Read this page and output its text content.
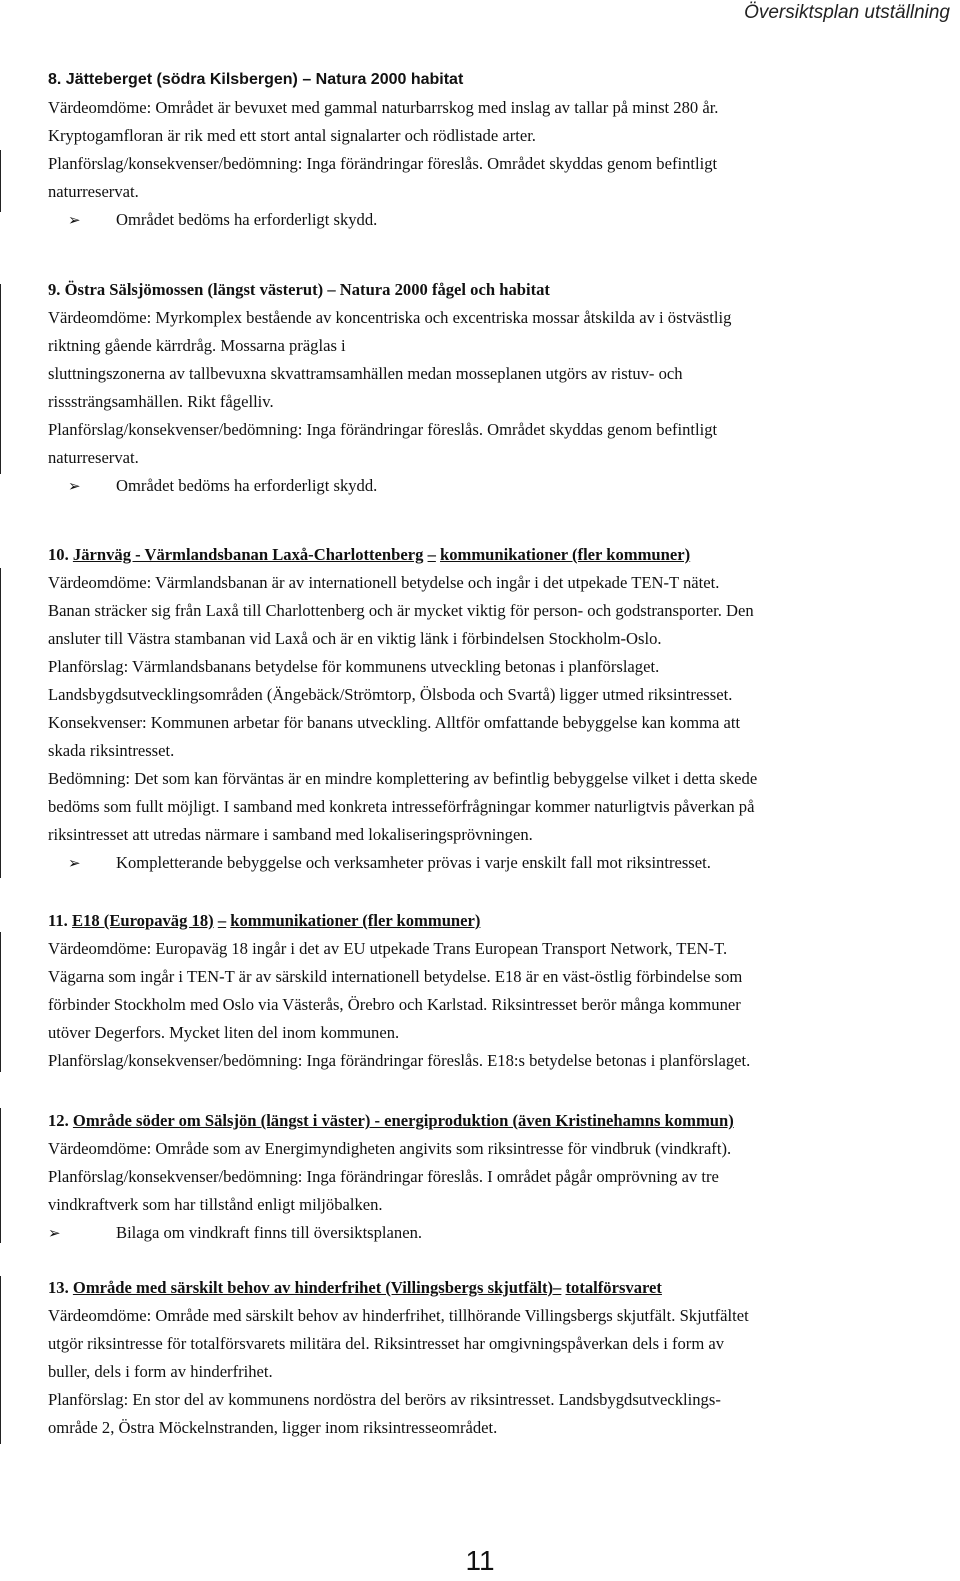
Översiktsplan utställning
8. Jätteberget (södra Kilsbergen) – Natura 2000 habitat
Värdeomdöme: Området är bevuxet med gammal naturbarrskog med inslag av tallar på minst 280 år.
Kryptogamfloran är rik med ett stort antal signalarter och rödlistade arter.
Planförslag/konsekvenser/bedömning: Inga förändringar föreslås. Området skyddas genom befintligt
naturreservat.
➢ Området bedöms ha erforderligt skydd.
9. Östra Sälsjömossen (längst västerut) – Natura 2000 fågel och habitat
Värdeomdöme: Myrkomplex bestående av koncentriska och excentriska mossar åtskilda av i östvästlig
riktning gående kärrdråg. Mossarna präglas i
sluttningszonerna av tallbevuxna skvattramsamhällen medan mosseplanen utgörs av ristuv- och
risssträngsamhällen. Rikt fågelliv.
Planförslag/konsekvenser/bedömning: Inga förändringar föreslås. Området skyddas genom befintligt
naturreservat.
➢ Området bedöms ha erforderligt skydd.
10. Järnväg - Värmlandsbanan Laxå-Charlottenberg – kommunikationer (fler kommuner)
Värdeomdöme: Värmlandsbanan är av internationell betydelse och ingår i det utpekade TEN-T nätet.
Banan sträcker sig från Laxå till Charlottenberg och är mycket viktig för person- och godstransporter. Den
ansluter till Västra stambanan vid Laxå och är en viktig länk i förbindelsen Stockholm-Oslo.
Planförslag: Värmlandsbanans betydelse för kommunens utveckling betonas i planförslaget.
Landsbygdsutvecklingsområden (Ängebäck/Strömtorp, Ölsboda och Svartå) ligger utmed riksintresset.
Konsekvenser: Kommunen arbetar för banans utveckling. Alltför omfattande bebyggelse kan komma att
skada riksintresset.
Bedömning: Det som kan förväntas är en mindre komplettering av befintlig bebyggelse vilket i detta skede
bedöms som fullt möjligt. I samband med konkreta intresseförfrågningar kommer naturligtvis påverkan på
riksintresset att utredas närmare i samband med lokaliseringsprövningen.
➢ Kompletterande bebyggelse och verksamheter prövas i varje enskilt fall mot riksintresset.
11. E18 (Europaväg 18) – kommunikationer (fler kommuner)
Värdeomdöme: Europaväg 18 ingår i det av EU utpekade Trans European Transport Network, TEN-T.
Vägarna som ingår i TEN-T är av särskild internationell betydelse. E18 är en väst-östlig förbindelse som
förbinder Stockholm med Oslo via Västerås, Örebro och Karlstad. Riksintresset berör många kommuner
utöver Degerfors. Mycket liten del inom kommunen.
Planförslag/konsekvenser/bedömning: Inga förändringar föreslås. E18:s betydelse betonas i planförslaget.
12. Område söder om Sälsjön (längst i väster) - energiproduktion (även Kristinehamns kommun)
Värdeomdöme: Område som av Energimyndigheten angivits som riksintresse för vindbruk (vindkraft).
Planförslag/konsekvenser/bedömning: Inga förändringar föreslås. I området pågår omprövning av tre
vindkraftverk som har tillstånd enligt miljöbalken.
➢	Bilaga om vindkraft finns till översiktsplanen.
13. Område med särskilt behov av hinderfrihet (Villingsbergs skjutfält)– totalförsvaret
Värdeomdöme: Område med särskilt behov av hinderfrihet, tillhörande Villingsbergs skjutfält. Skjutfältet
utgör riksintresse för totalförsvarets militära del. Riksintresset har omgivningspåverkan dels i form av
buller, dels i form av hinderfrihet.
Planförslag: En stor del av kommunens nordöstra del berörs av riksintresset. Landsbygdsutvecklings-
område 2, Östra Möckelnstranden, ligger inom riksintresseområdet.
11
